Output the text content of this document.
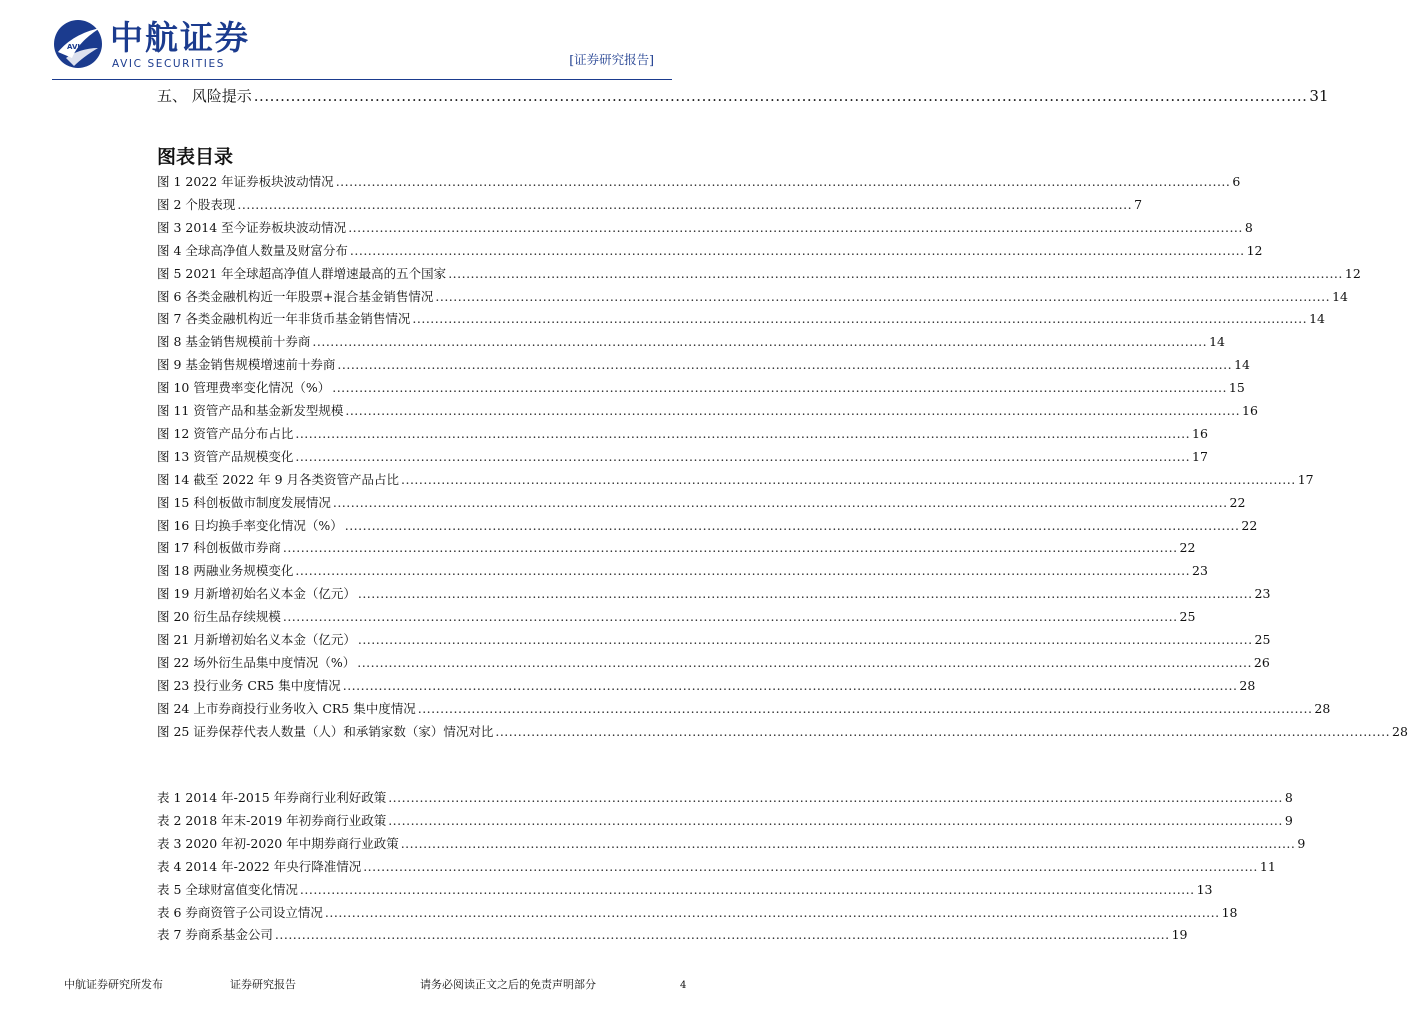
AVIC 中航证券
AVIC SECURITIES	[证券研究报告]
五、 风险提示 ........................................................................................................................................................................................................ 31
图表目录
图 1 2022 年证券板块波动情况 ........................................................................................................................................................................................................ 6
图 2 个股表现 ........................................................................................................................................................................................................ 7
图 3 2014 至今证券板块波动情况 ........................................................................................................................................................................................................ 8
图 4 全球高净值人数量及财富分布 ........................................................................................................................................................................................................ 12
图 5 2021 年全球超高净值人群增速最高的五个国家 ........................................................................................................................................................................................................ 12
图 6 各类金融机构近一年股票+混合基金销售情况 ........................................................................................................................................................................................................ 14
图 7 各类金融机构近一年非货币基金销售情况 ........................................................................................................................................................................................................ 14
图 8 基金销售规模前十券商 ........................................................................................................................................................................................................ 14
图 9 基金销售规模增速前十券商 ........................................................................................................................................................................................................ 14
图 10 管理费率变化情况（%） ........................................................................................................................................................................................................ 15
图 11 资管产品和基金新发型规模 ........................................................................................................................................................................................................ 16
图 12 资管产品分布占比 ........................................................................................................................................................................................................ 16
图 13 资管产品规模变化 ........................................................................................................................................................................................................ 17
图 14 截至 2022 年 9 月各类资管产品占比 ........................................................................................................................................................................................................ 17
图 15 科创板做市制度发展情况 ........................................................................................................................................................................................................ 22
图 16 日均换手率变化情况（%） ........................................................................................................................................................................................................ 22
图 17 科创板做市券商 ........................................................................................................................................................................................................ 22
图 18 两融业务规模变化 ........................................................................................................................................................................................................ 23
图 19 月新增初始名义本金（亿元） ........................................................................................................................................................................................................ 23
图 20 衍生品存续规模 ........................................................................................................................................................................................................ 25
图 21 月新增初始名义本金（亿元） ........................................................................................................................................................................................................ 25
图 22 场外衍生品集中度情况（%） ........................................................................................................................................................................................................ 26
图 23 投行业务 CR5 集中度情况 ........................................................................................................................................................................................................ 28
图 24 上市券商投行业务收入 CR5 集中度情况 ........................................................................................................................................................................................................ 28
图 25 证券保荐代表人数量（人）和承销家数（家）情况对比 ........................................................................................................................................................................................................ 28
表 1 2014 年-2015 年券商行业利好政策 ........................................................................................................................................................................................................ 8
表 2 2018 年末-2019 年初券商行业政策 ........................................................................................................................................................................................................ 9
表 3 2020 年初-2020 年中期券商行业政策 ........................................................................................................................................................................................................ 9
表 4 2014 年-2022 年央行降准情况 ........................................................................................................................................................................................................ 11
表 5 全球财富值变化情况 ........................................................................................................................................................................................................ 13
表 6 券商资管子公司设立情况 ........................................................................................................................................................................................................ 18
表 7 券商系基金公司 ........................................................................................................................................................................................................ 19
中航证券研究所发布	证券研究报告	请务必阅读正文之后的免责声明部分	4
